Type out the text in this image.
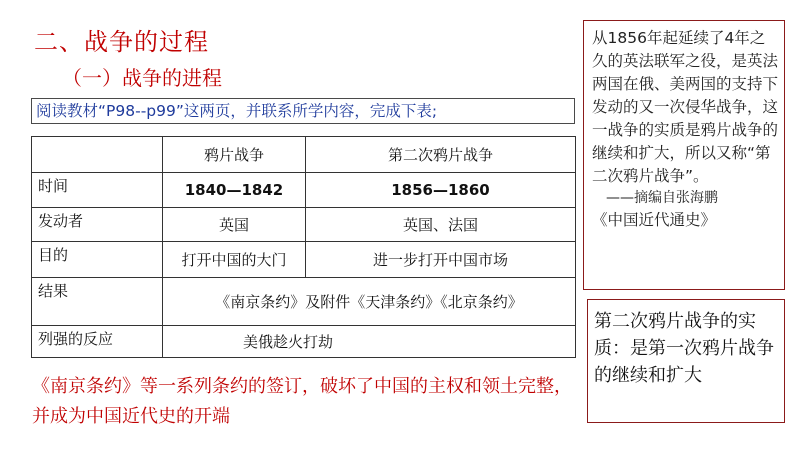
二、战争的过程
（一）战争的进程
阅读教材“P98--p99”这两页，并联系所学内容，完成下表;
	鸦片战争	第二次鸦片战争
时间	1840—1842	1856—1860
发动者	英国	英国、法国
目的	打开中国的大门	进一步打开中国市场
结果	《南京条约》及附件《天津条约》《北京条约》	
列强的反应	美俄趁火打劫	
从1856年起延续了4年之久的英法联军之役，是英法两国在俄、美两国的支持下发动的又一次侵华战争，这一战争的实质是鸦片战争的继续和扩大，所以又称“第二次鸦片战争”。
——摘编自张海鹏
《中国近代通史》
第二次鸦片战争的实质：是第一次鸦片战争的继续和扩大
《南京条约》等一系列条约的签订，破坏了中国的主权和领土完整，并成为中国近代史的开端
